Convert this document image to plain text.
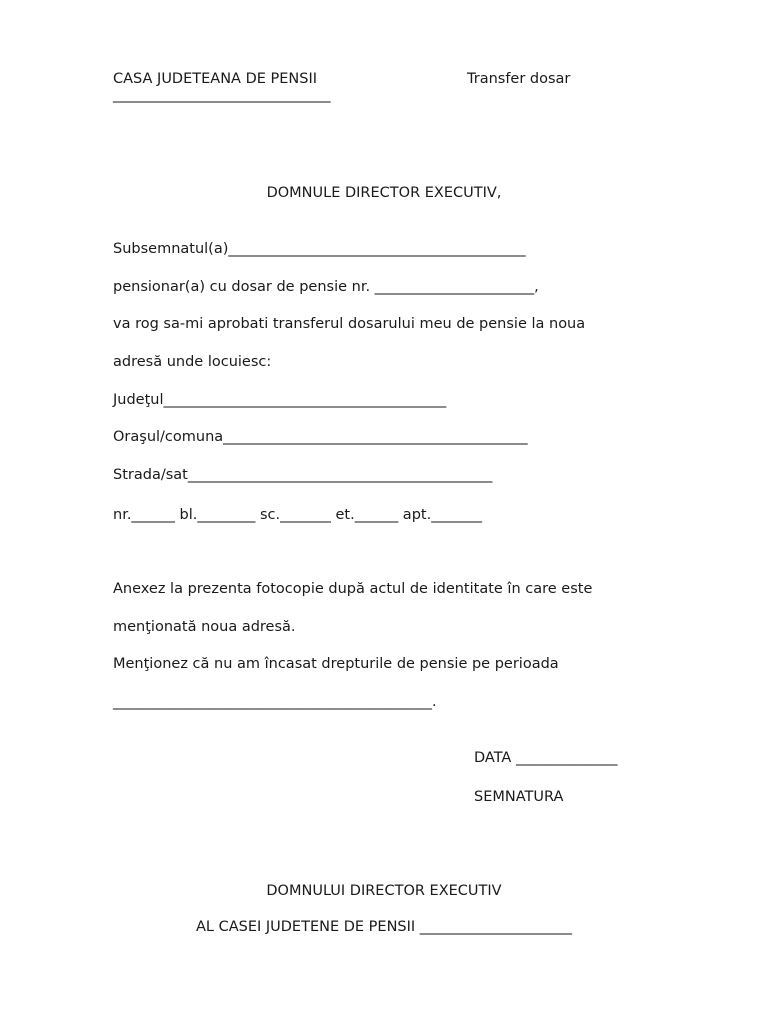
CASA JUDETEANA DE PENSII
______________________________
Transfer dosar
DOMNULE DIRECTOR EXECUTIV,
Subsemnatul(a)_________________________________________
pensionar(a) cu dosar de pensie nr. ______________________,
va rog sa-mi aprobati transferul dosarului meu de pensie la noua
adresă unde locuiesc:
Judeţul_______________________________________
Oraşul/comuna__________________________________________
Strada/sat__________________________________________
nr.______ bl.________ sc._______ et.______ apt._______
Anexez la prezenta fotocopie după actul de identitate în care este
menţionată noua adresă.
Menţionez că nu am încasat drepturile de pensie pe perioada
____________________________________________.
DATA ______________
SEMNATURA
DOMNULUI DIRECTOR EXECUTIV
AL CASEI JUDETENE DE PENSII _____________________
